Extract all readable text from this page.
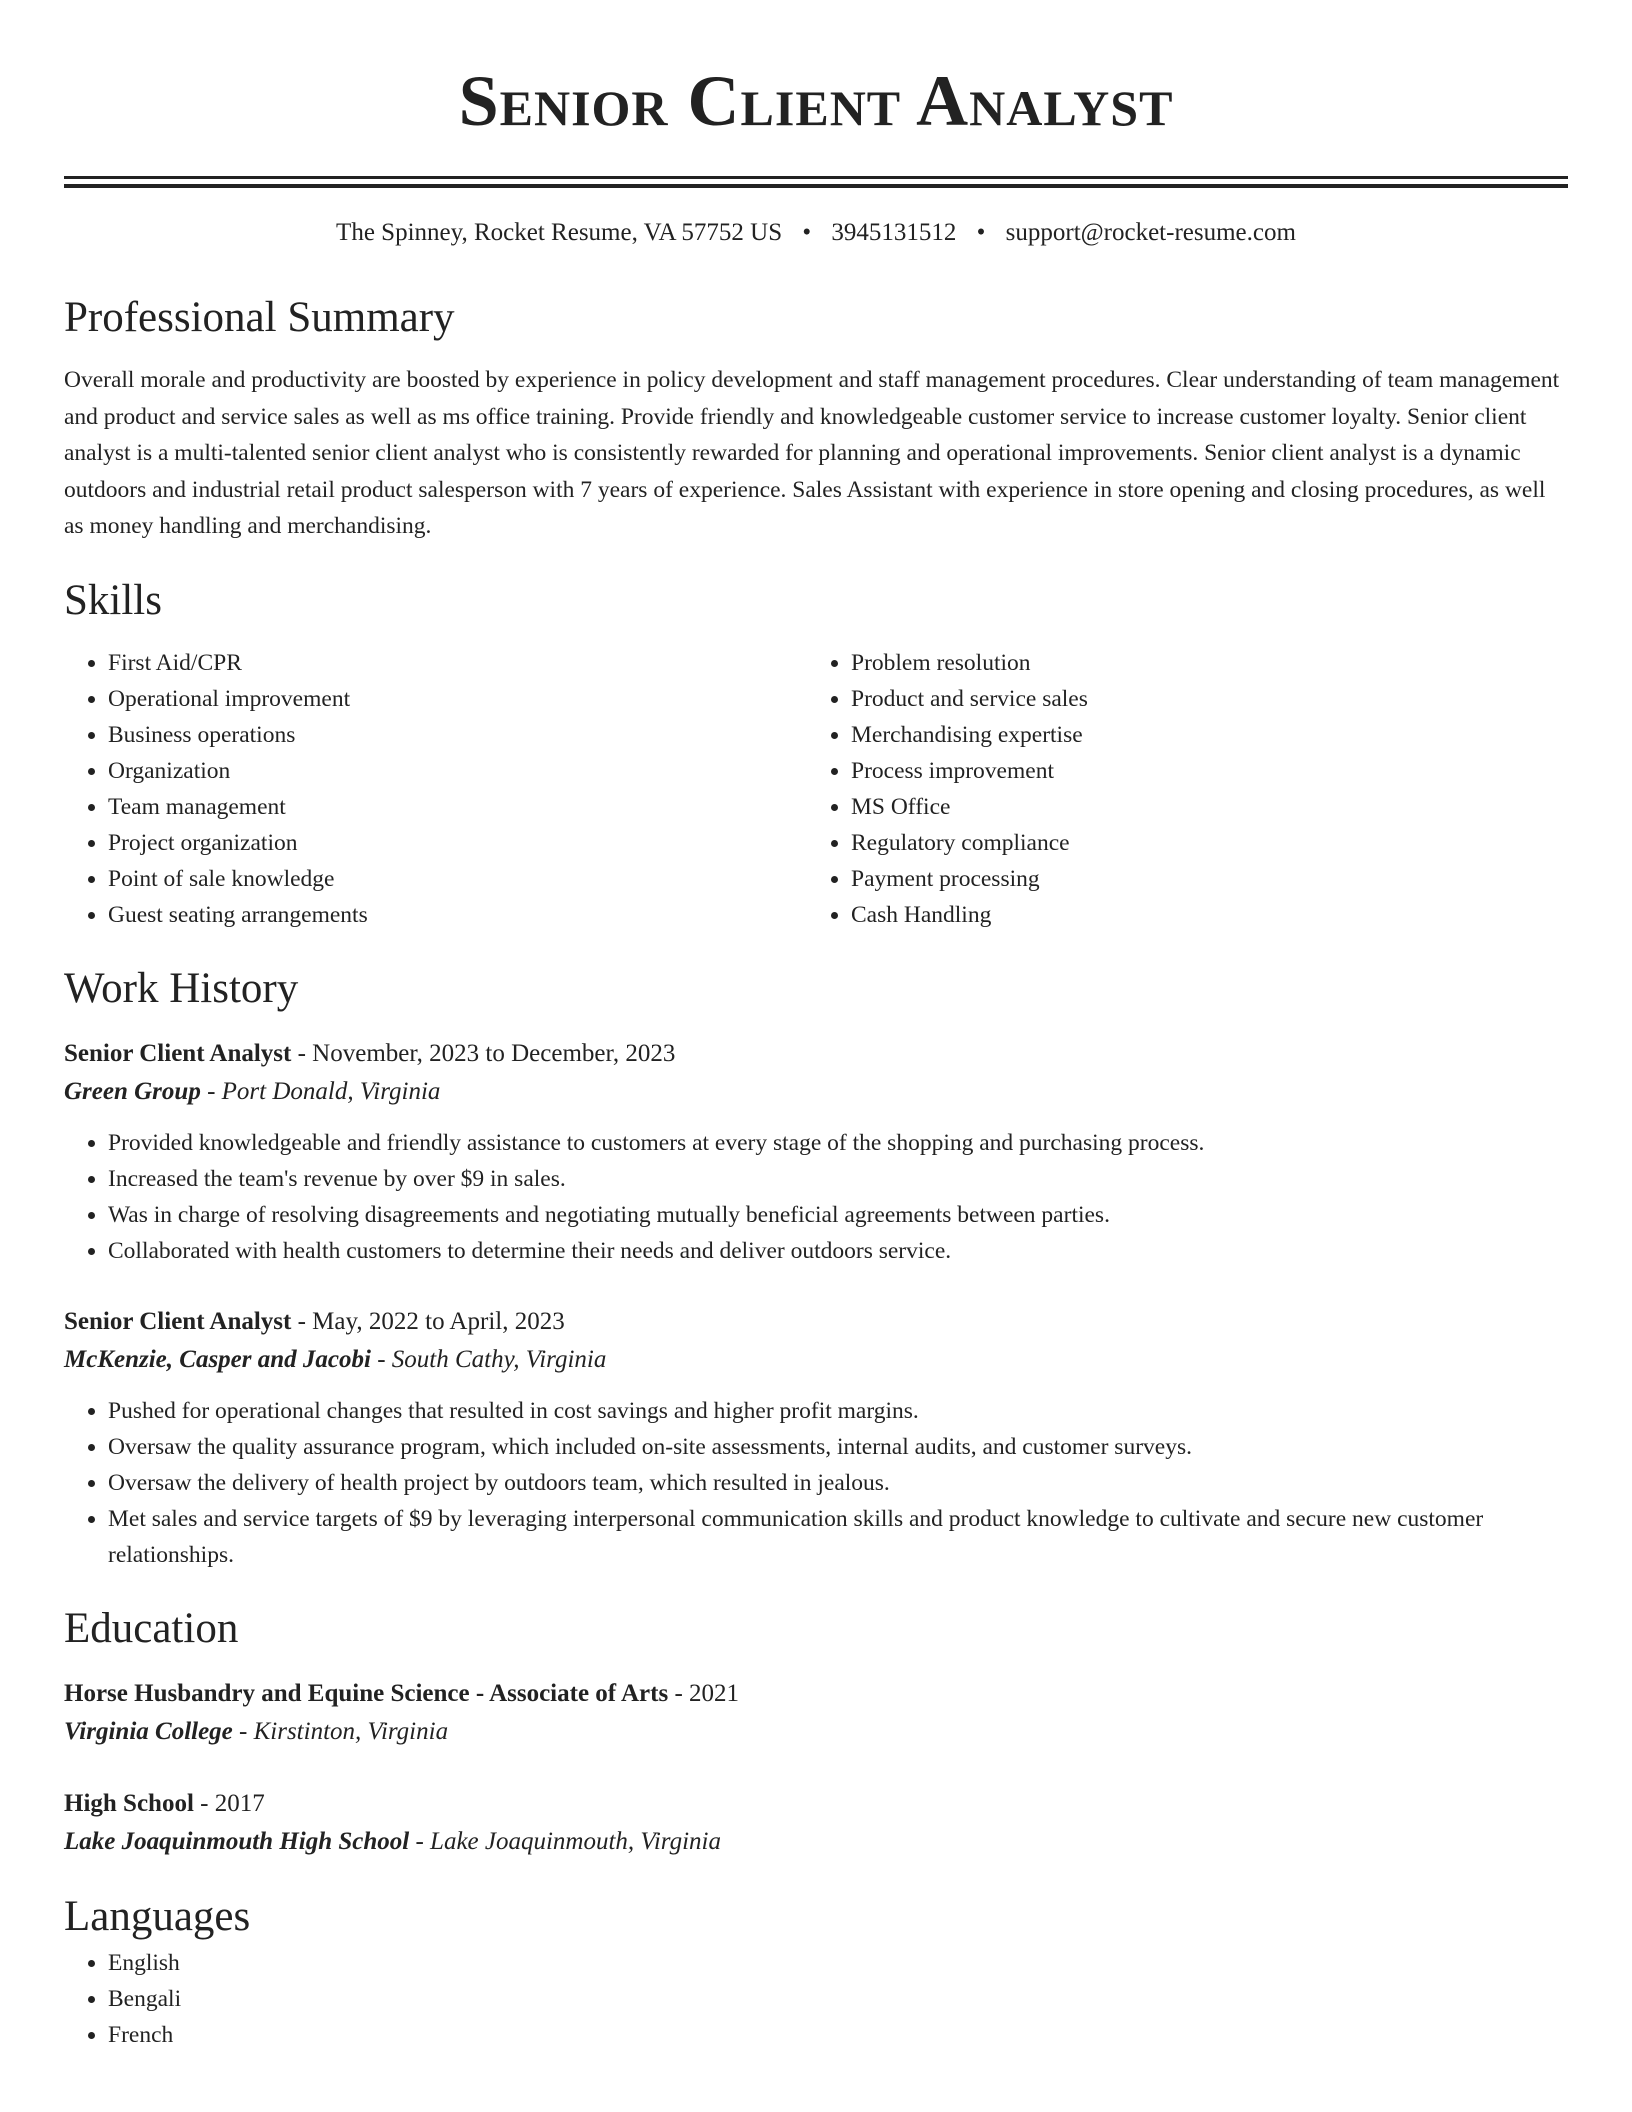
Senior Client Analyst
The Spinney, Rocket Resume, VA 57752 US • 3945131512 • support@rocket-resume.com
Professional Summary
Overall morale and productivity are boosted by experience in policy development and staff management procedures. Clear understanding of team management and product and service sales as well as ms office training. Provide friendly and knowledgeable customer service to increase customer loyalty. Senior client analyst is a multi-talented senior client analyst who is consistently rewarded for planning and operational improvements. Senior client analyst is a dynamic outdoors and industrial retail product salesperson with 7 years of experience. Sales Assistant with experience in store opening and closing procedures, as well as money handling and merchandising.
Skills
• First Aid/CPR
• Operational improvement
• Business operations
• Organization
• Team management
• Project organization
• Point of sale knowledge
• Guest seating arrangements
• Problem resolution
• Product and service sales
• Merchandising expertise
• Process improvement
• MS Office
• Regulatory compliance
• Payment processing
• Cash Handling
Work History
Senior Client Analyst - November, 2023 to December, 2023
Green Group - Port Donald, Virginia
• Provided knowledgeable and friendly assistance to customers at every stage of the shopping and purchasing process.
• Increased the team's revenue by over $9 in sales.
• Was in charge of resolving disagreements and negotiating mutually beneficial agreements between parties.
• Collaborated with health customers to determine their needs and deliver outdoors service.
Senior Client Analyst - May, 2022 to April, 2023
McKenzie, Casper and Jacobi - South Cathy, Virginia
• Pushed for operational changes that resulted in cost savings and higher profit margins.
• Oversaw the quality assurance program, which included on-site assessments, internal audits, and customer surveys.
• Oversaw the delivery of health project by outdoors team, which resulted in jealous.
• Met sales and service targets of $9 by leveraging interpersonal communication skills and product knowledge to cultivate and secure new customer relationships.
Education
Horse Husbandry and Equine Science - Associate of Arts - 2021
Virginia College - Kirstinton, Virginia
High School - 2017
Lake Joaquinmouth High School - Lake Joaquinmouth, Virginia
Languages
• English
• Bengali
• French
